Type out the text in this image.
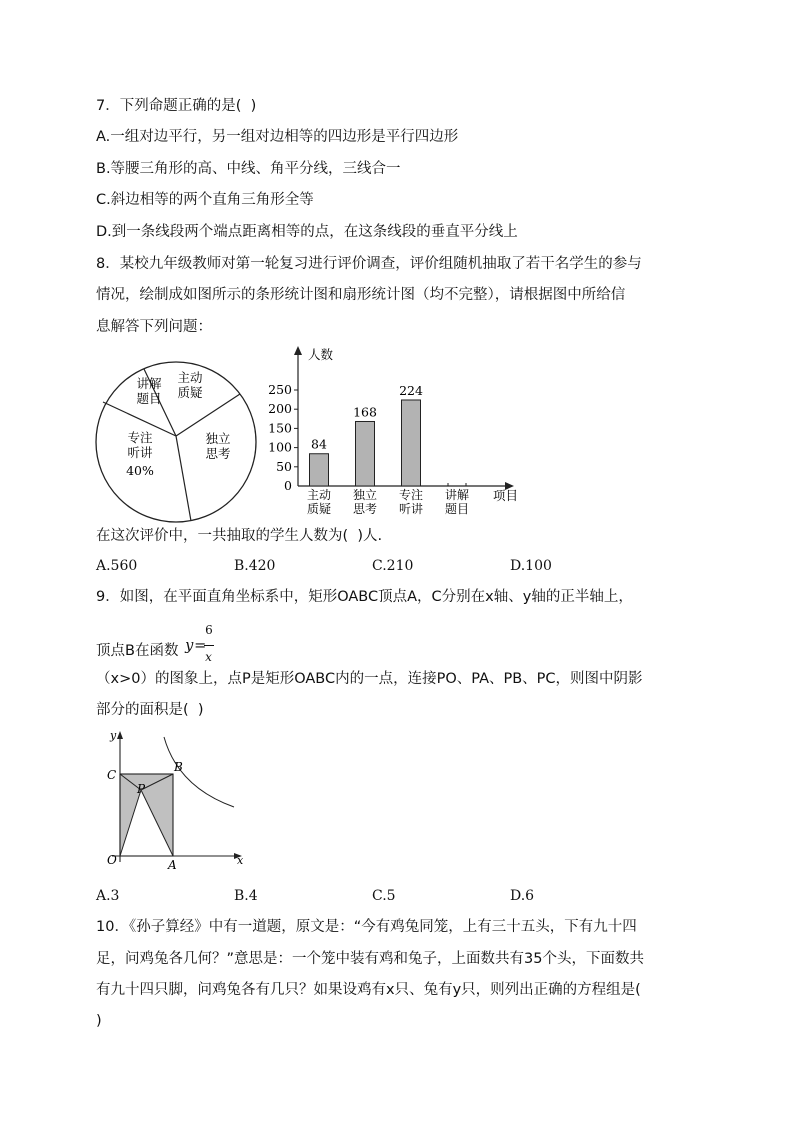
7．下列命题正确的是(  )
A.一组对边平行，另一组对边相等的四边形是平行四边形
B.等腰三角形的高、中线、角平分线，三线合一
C.斜边相等的两个直角三角形全等
D.到一条线段两个端点距离相等的点，在这条线段的垂直平分线上
8．某校九年级教师对第一轮复习进行评价调查，评价组随机抽取了若干名学生的参与
情况，绘制成如图所示的条形统计图和扇形统计图（均不完整），请根据图中所给信
息解答下列问题：
主动
质疑
讲解
题目
专注
听讲
40%
独立
思考
人数
项目
0
50
100
150
200
250
84
168
224
主动
质疑
独立
思考
专注
听讲
讲解
题目
在这次评价中，一共抽取的学生人数为(  )人.
A.560	B.420	C.210	D.100
9．如图，在平面直角坐标系中，矩形OABC顶点A，C分别在x轴、y轴的正半轴上，
顶点B在函数 y =
6
x
（x>0）的图象上，点P是矩形OABC内的一点，连接PO、PA、PB、PC，则图中阴影
部分的面积是(  )
y
x
O	A
B
C
P
A.3	B.4	C.5	D.6
10．《孙子算经》中有一道题，原文是：“今有鸡兔同笼，上有三十五头，下有九十四
足，问鸡兔各几何？”意思是：一个笼中装有鸡和兔子，上面数共有35个头，下面数共
有九十四只脚，问鸡兔各有几只？如果设鸡有x只、兔有y只，则列出正确的方程组是(
)
